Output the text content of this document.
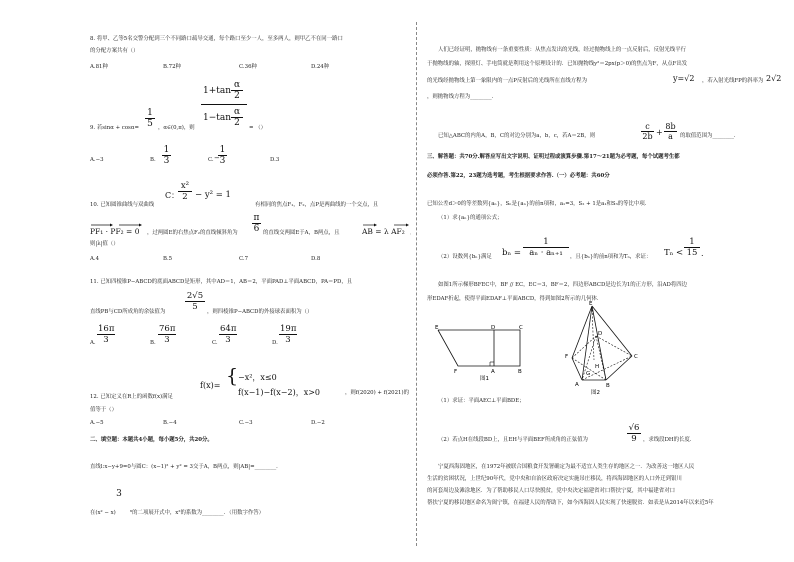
8. 将甲、乙等5名交警分配到三个不同路口疏导交通，每个路口至少一人，至多两人，则甲乙不在同一路口
的分配方案共有（）
A.81种	B.72种	C.36种	D.24种
$1+\tan \frac{\alpha}{2}$
$1-\tan \frac{\alpha}{2}$
9. 若$\sin\alpha + \cos\alpha= \frac{1}{5}$ ，α∈(0,π)，则	= （）
A.−3	B. $\frac{1}{3}$	C. −
$\frac{1}{3}$	D.3
C：
$\frac{\text{x²}}{2} - y^2 = 1$
10. 已知圆锥曲线与双曲线	有相同的焦点F₁，F₂，点P是两曲线的一个交点，且
PF₁ · PF₂ = 0 ，过两圆E的右焦点F₂的直线倾斜角为 $\frac{\pi}{6}$ 的直线交两圆E于A，B两点，且	AB = λ AF₂ ，
则|λ|值（）
A.4	B.5	C.7	D.8
11. 已知四棱锥P−ABCD的底面ABCD是矩形，其中AD＝1，AB＝2，平面PAD⊥平面ABCD，PA＝PD，且
$\frac{2√5}{5}$
直线PB与CD所成角的余弦值为	，则四棱锥P−ABCD的外接球表面积为（）
A. $\frac{16\pi}{3}$	B. $\frac{76\pi}{3}$	C. $\frac{64\pi}{3}$	D. $\frac{19\pi}{3}$
f(x)= { −x²，x≤0
f(x−1)−f(x−2)，x>0
12. 已知定义在R上的函数f(x)满足
，则f(2020) + f(2021)的
值等于（）
A.−5	B.−4	C.−3	D.−2
二、填空题：本题共4小题，每小题5分，共20分。
直线l:x−y+9=0与圆C：(x−1)² + y² = 3交于A，B两点，则|AB|=________．
3
在(x² − x)	⁶的二项展开式中，x²的系数为________．（用数字作答）
人们已经证明，抛物线有一条重要性质：从焦点发出的光线，经过抛物线上的一点反射后，反射光线平行
于抛物线的轴，探照灯、手电筒就是利用这个原理设计的．已知抛物线y²＝2px(p＞0)的焦点为F，从点F出发
的光线经抛物线上第一象限内的一点P反射后的光线所在直线方程为	y=√2 ，若入射光线FP的斜率为 2√2
，则抛物线方程为________．
已知△ABC的内角A，B，C的对边分别为a，b，c，若A＝2B，则	$\frac{c}{2b} + \frac{8b}{a}$ 的取值范围为________．
三、解答题：共70分.解答应写出文字说明、证明过程或演算步骤.第17～21题为必考题，每个试题考生都
必须作答.第22，23题为选考题，考生根据要求作答.（一）必考题：共60分
已知公差d＞0的等差数列{aₙ}，Sₙ是{aₙ}的前n项和，a₁=3，S₂ + 1是a₁和S₃的等比中项．
（1）求{aₙ}的通项公式；
（2）设数列{bₙ}满足 $b_n = \frac{1}{\text{aₙ · aₙ₊₁}}$ ，且{bₙ}的前n项和为Tₙ，求证： $T_n < \frac{1}{15}$ .
如图1所示梯形BFEC中，BF // EC，EC＝3，BF＝2，四边形ABCD是边长为1的正方形，沿AD将四边
形EDAF折起，使得平面EDAF⊥平面ABCD，得到如图2所示的几何体．
E	D	C
F	A	B
图1
E
D
F
A
H
G
C
B
图2
（1）求证：平面AEC⊥平面BDE；
（2）若点H在线段BD上，且EH与平面BEF所成角的正弦值为	$\frac{√6}{9}$ ，求线段DH的长度．
宁夏西海固地区，在1972年被联合国粮食开发署确定为最不适宜人类生存的地区之一．为改善这一地区人民
生活的贫困状况，上世纪90年代，党中央和自治区政府决定实施吊庄移民，将西海固地区的人口外迁到银川
的河套周边及滩涂地区．为了帮助移民人口尽快脱贫，党中央决定福建省对口帮扶宁夏，其中福建省对口
帮扶宁夏的移民地区命名为闽宁镇，在福建人民的帮助下，如今西海固人民实现了快速脱贫．如表是从2014年以来近5年
